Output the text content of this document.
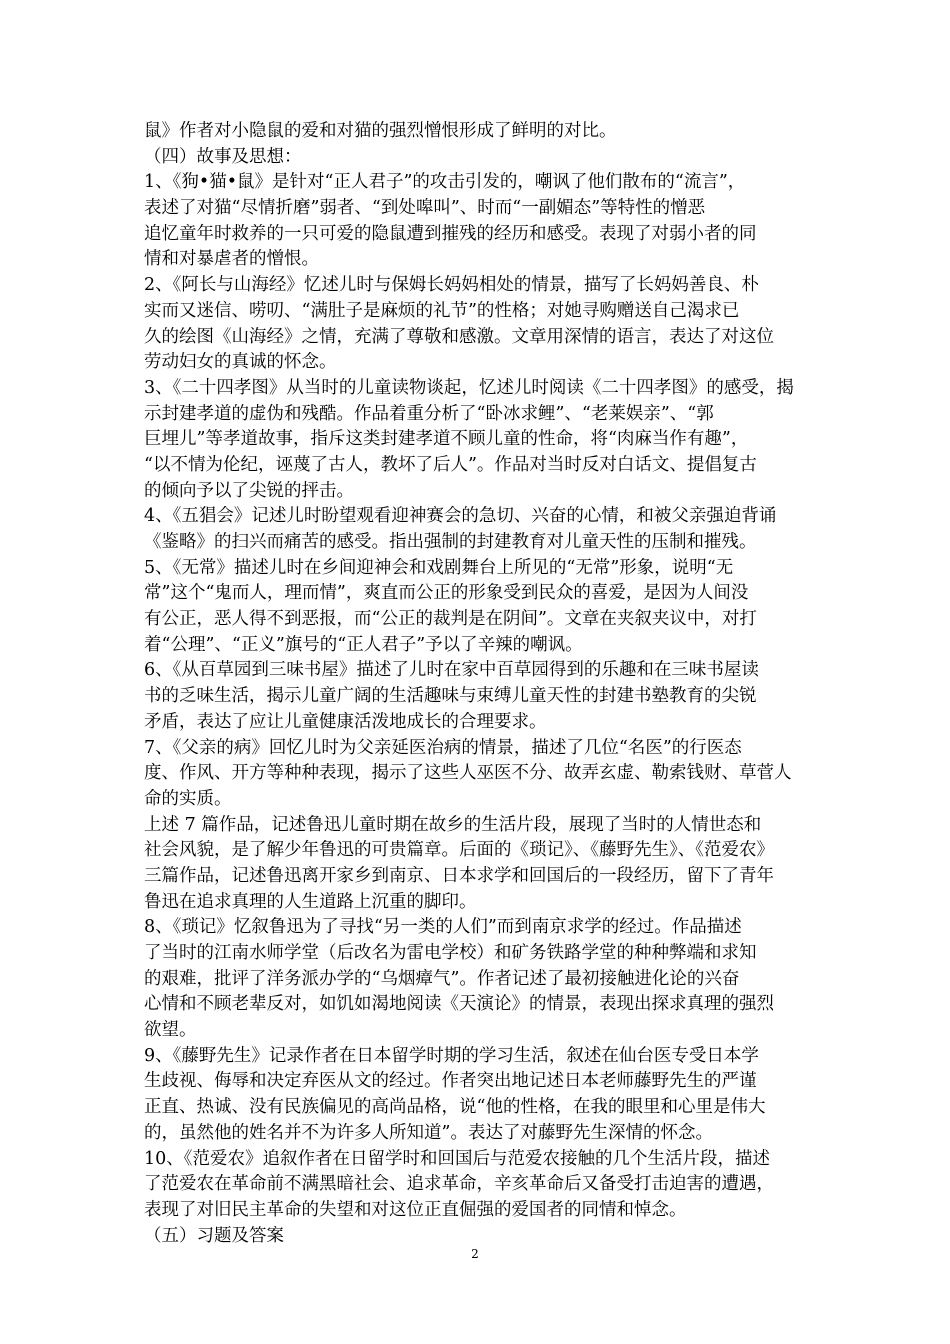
鼠》作者对小隐鼠的爱和对猫的强烈憎恨形成了鲜明的对比。
（四）故事及思想：
1、《狗•猫•鼠》是针对“正人君子”的攻击引发的，嘲讽了他们散布的“流言”，
表述了对猫“尽情折磨”弱者、“到处嗥叫”、时而“一副媚态”等特性的憎恶
追忆童年时救养的一只可爱的隐鼠遭到摧残的经历和感受。表现了对弱小者的同
情和对暴虐者的憎恨。
2、《阿长与山海经》忆述儿时与保姆长妈妈相处的情景，描写了长妈妈善良、朴
实而又迷信、唠叨、“满肚子是麻烦的礼节”的性格；对她寻购赠送自己渴求已
久的绘图《山海经》之情，充满了尊敬和感激。文章用深情的语言，表达了对这位
劳动妇女的真诚的怀念。
3、《二十四孝图》从当时的儿童读物谈起，忆述儿时阅读《二十四孝图》的感受，揭
示封建孝道的虚伪和残酷。作品着重分析了“卧冰求鲤”、“老莱娱亲”、“郭
巨埋儿”等孝道故事，指斥这类封建孝道不顾儿童的性命，将“肉麻当作有趣”，
“以不情为伦纪，诬蔑了古人，教坏了后人”。作品对当时反对白话文、提倡复古
的倾向予以了尖锐的抨击。
4、《五猖会》记述儿时盼望观看迎神赛会的急切、兴奋的心情，和被父亲强迫背诵
《鉴略》的扫兴而痛苦的感受。指出强制的封建教育对儿童天性的压制和摧残。
5、《无常》描述儿时在乡间迎神会和戏剧舞台上所见的“无常”形象，说明“无
常”这个“鬼而人，理而情”，爽直而公正的形象受到民众的喜爱，是因为人间没
有公正，恶人得不到恶报，而“公正的裁判是在阴间”。文章在夹叙夹议中，对打
着“公理”、“正义”旗号的“正人君子”予以了辛辣的嘲讽。
6、《从百草园到三味书屋》描述了儿时在家中百草园得到的乐趣和在三味书屋读
书的乏味生活，揭示儿童广阔的生活趣味与束缚儿童天性的封建书塾教育的尖锐
矛盾，表达了应让儿童健康活泼地成长的合理要求。
7、《父亲的病》回忆儿时为父亲延医治病的情景，描述了几位“名医”的行医态
度、作风、开方等种种表现，揭示了这些人巫医不分、故弄玄虚、勒索钱财、草菅人
命的实质。
上述 7 篇作品，记述鲁迅儿童时期在故乡的生活片段，展现了当时的人情世态和
社会风貌，是了解少年鲁迅的可贵篇章。后面的《琐记》、《藤野先生》、《范爱农》
三篇作品，记述鲁迅离开家乡到南京、日本求学和回国后的一段经历，留下了青年
鲁迅在追求真理的人生道路上沉重的脚印。
8、《琐记》忆叙鲁迅为了寻找“另一类的人们”而到南京求学的经过。作品描述
了当时的江南水师学堂（后改名为雷电学校）和矿务铁路学堂的种种弊端和求知
的艰难，批评了洋务派办学的“乌烟瘴气”。作者记述了最初接触进化论的兴奋
心情和不顾老辈反对，如饥如渴地阅读《天演论》的情景，表现出探求真理的强烈
欲望。
9、《藤野先生》记录作者在日本留学时期的学习生活，叙述在仙台医专受日本学
生歧视、侮辱和决定弃医从文的经过。作者突出地记述日本老师藤野先生的严谨
正直、热诚、没有民族偏见的高尚品格，说“他的性格，在我的眼里和心里是伟大
的，虽然他的姓名并不为许多人所知道”。表达了对藤野先生深情的怀念。
10、《范爱农》追叙作者在日留学时和回国后与范爱农接触的几个生活片段，描述
了范爱农在革命前不满黑暗社会、追求革命，辛亥革命后又备受打击迫害的遭遇，
表现了对旧民主革命的失望和对这位正直倔强的爱国者的同情和悼念。
（五）习题及答案
2
